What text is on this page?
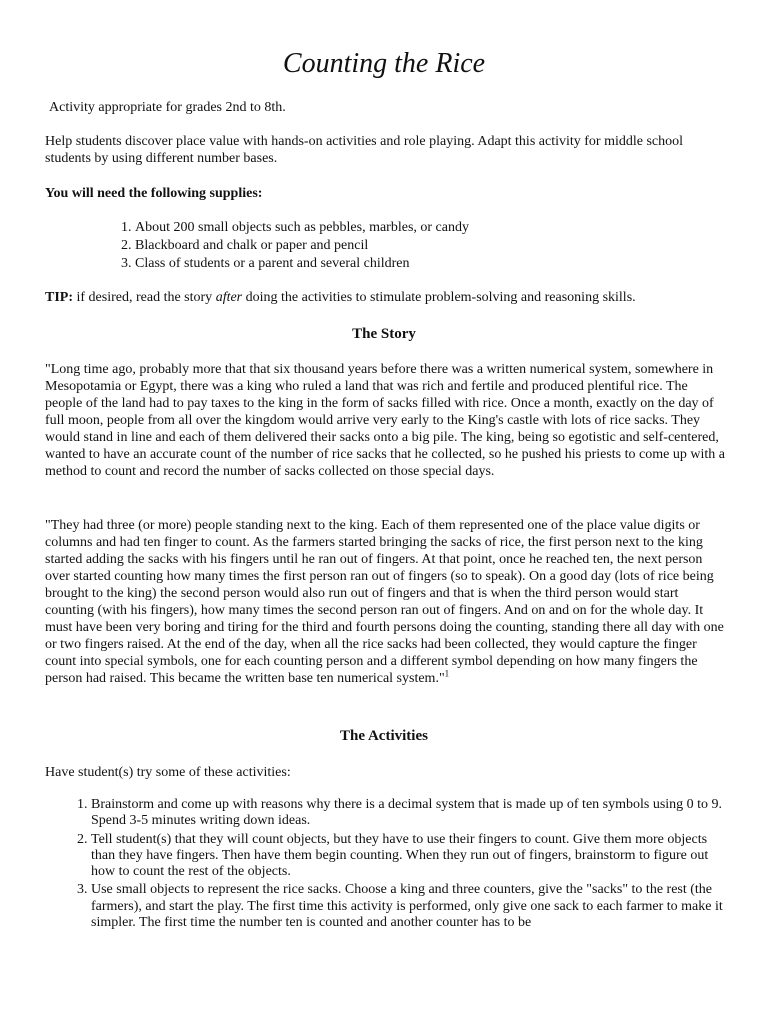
Counting the Rice

Activity appropriate for grades 2nd to 8th.

Help students discover place value with hands-on activities and role playing. Adapt this activity for middle school students by using different number bases.

You will need the following supplies:

1. About 200 small objects such as pebbles, marbles, or candy
2. Blackboard and chalk or paper and pencil
3. Class of students or a parent and several children

TIP: if desired, read the story after doing the activities to stimulate problem-solving and reasoning skills.

The Story

"Long time ago, probably more that that six thousand years before there was a written numerical system, somewhere in Mesopotamia or Egypt, there was a king who ruled a land that was rich and fertile and produced plentiful rice. The people of the land had to pay taxes to the king in the form of sacks filled with rice. Once a month, exactly on the day of full moon, people from all over the kingdom would arrive very early to the King's castle with lots of rice sacks. They would stand in line and each of them delivered their sacks onto a big pile. The king, being so egotistic and self-centered, wanted to have an accurate count of the number of rice sacks that he collected, so he pushed his priests to come up with a method to count and record the number of sacks collected on those special days.

"They had three (or more) people standing next to the king. Each of them represented one of the place value digits or columns and had ten finger to count. As the farmers started bringing the sacks of rice, the first person next to the king started adding the sacks with his fingers until he ran out of fingers. At that point, once he reached ten, the next person over started counting how many times the first person ran out of fingers (so to speak). On a good day (lots of rice being brought to the king) the second person would also run out of fingers and that is when the third person would start counting (with his fingers), how many times the second person ran out of fingers. And on and on for the whole day. It must have been very boring and tiring for the third and fourth persons doing the counting, standing there all day with one or two fingers raised. At the end of the day, when all the rice sacks had been collected, they would capture the finger count into special symbols, one for each counting person and a different symbol depending on how many fingers the person had raised. This became the written base ten numerical system."$^1$

The Activities

Have student(s) try some of these activities:

1. Brainstorm and come up with reasons why there is a decimal system that is made up of ten symbols using 0 to 9. Spend 3-5 minutes writing down ideas.
2. Tell student(s) that they will count objects, but they have to use their fingers to count. Give them more objects than they have fingers. Then have them begin counting. When they run out of fingers, brainstorm to figure out how to count the rest of the objects.
3. Use small objects to represent the rice sacks. Choose a king and three counters, give the "sacks" to the rest (the farmers), and start the play. The first time this activity is performed, only give one sack to each farmer to make it simpler. The first time the number ten is counted and another counter has to be
